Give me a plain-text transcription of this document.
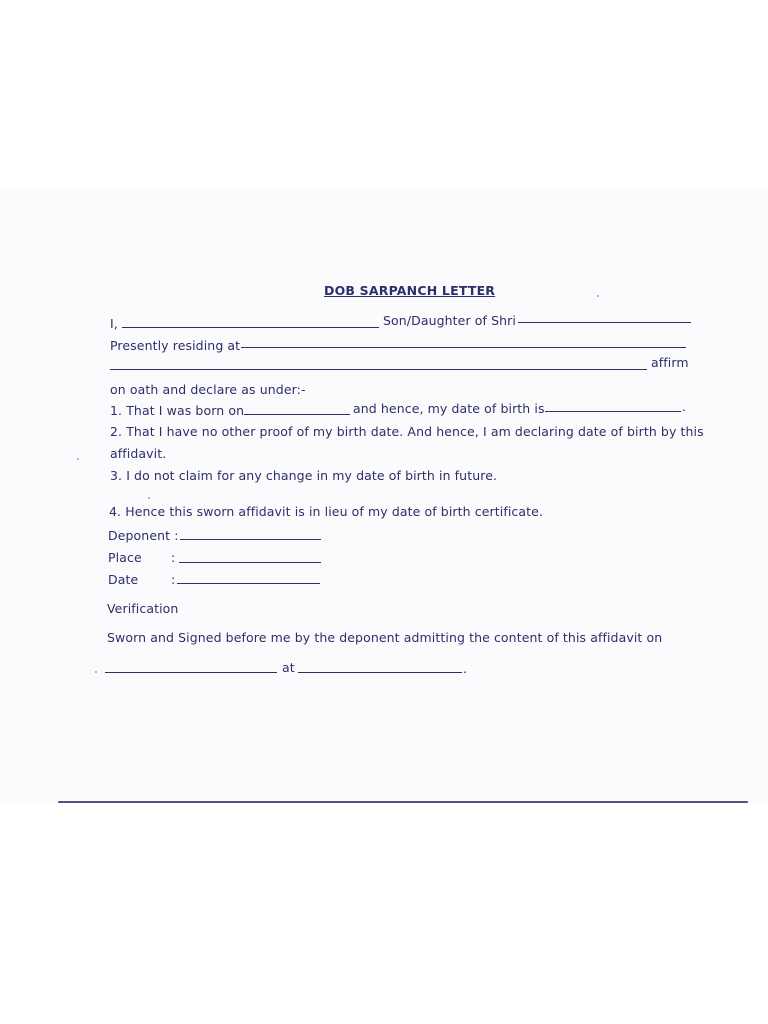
DOB SARPANCH LETTER
I,	Son/Daughter of Shri
Presently residing at
affirm
on oath and declare as under:-
1. That I was born on	and hence, my date of birth is	.
2. That I have no other proof of my birth date. And hence, I am declaring date of birth by this
affidavit.
3. I do not claim for any change in my date of birth in future.
4. Hence this sworn affidavit is in lieu of my date of birth certificate.
Deponent :
Place :
Date	:
Verification
Sworn and Signed before me by the deponent admitting the content of this affidavit on
at	.
